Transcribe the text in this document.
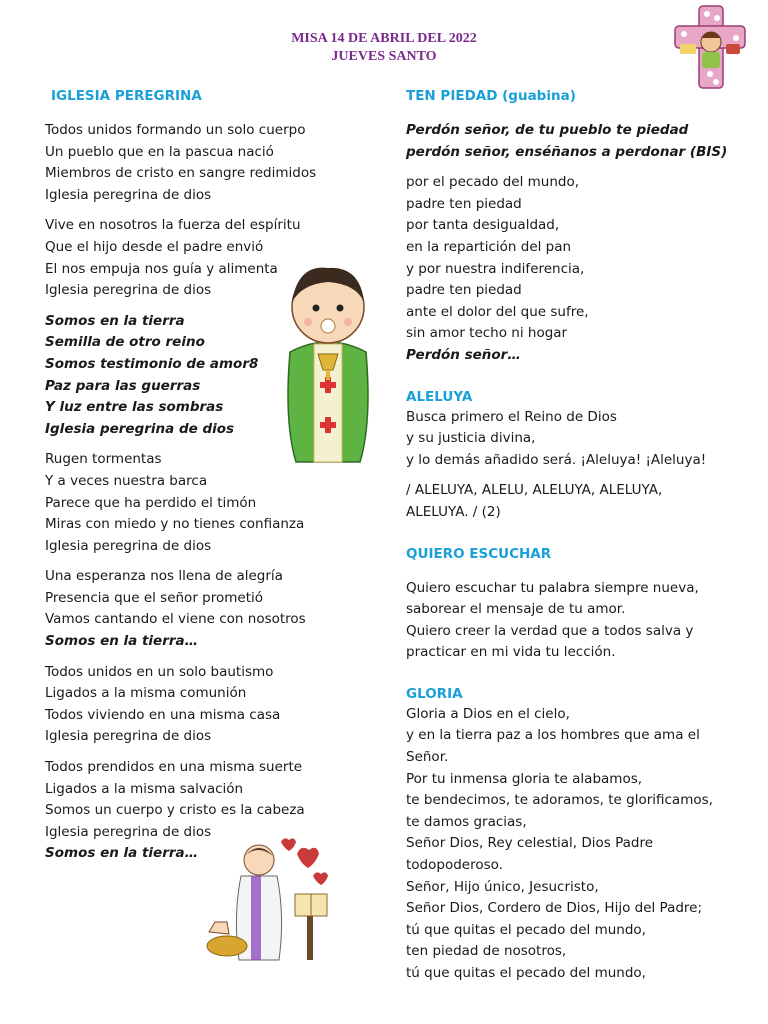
MISA 14 DE ABRIL DEL 2022
JUEVES SANTO
IGLESIA PEREGRINA
Todos unidos formando un solo cuerpo
Un pueblo que en la pascua nació
Miembros de cristo en sangre redimidos
Iglesia peregrina de dios
Vive en nosotros la fuerza del espíritu
Que el hijo desde el padre envió
El nos empuja nos guía y alimenta
Iglesia peregrina de dios
Somos en la tierra
Semilla de otro reino
Somos testimonio de amor8
Paz para las guerras
Y luz entre las sombras
Iglesia peregrina de dios
Rugen tormentas
Y a veces nuestra barca
Parece que ha perdido el timón
Miras con miedo y no tienes confianza
Iglesia peregrina de dios
Una esperanza nos llena de alegría
Presencia que el señor prometió
Vamos cantando el viene con nosotros
Somos en la tierra…
Todos unidos en un solo bautismo
Ligados a la misma comunión
Todos viviendo en una misma casa
Iglesia peregrina de dios
Todos prendidos en una misma suerte
Ligados a la misma salvación
Somos un cuerpo y cristo es la cabeza
Iglesia peregrina de dios
Somos en la tierra…
TEN PIEDAD (guabina)
Perdón señor, de tu pueblo te piedad
perdón señor, enséñanos a perdonar (BIS)
por el pecado del mundo,
padre ten piedad
por tanta desigualdad,
en la repartición del pan
y por nuestra indiferencia,
padre ten piedad
ante el dolor del que sufre,
sin amor techo ni hogar
Perdón señor…
ALELUYA
Busca primero el Reino de Dios
y su justicia divina,
y lo demás añadido será. ¡Aleluya! ¡Aleluya!
/ ALELUYA, ALELU, ALELUYA, ALELUYA,
ALELUYA. / (2)
QUIERO ESCUCHAR
Quiero escuchar tu palabra siempre nueva,
saborear el mensaje de tu amor.
Quiero creer la verdad que a todos salva y
practicar en mi vida tu lección.
GLORIA
Gloria a Dios en el cielo,
y en la tierra paz a los hombres que ama el
Señor.
Por tu inmensa gloria te alabamos,
te bendecimos, te adoramos, te glorificamos,
te damos gracias,
Señor Dios, Rey celestial, Dios Padre
todopoderoso.
Señor, Hijo único, Jesucristo,
Señor Dios, Cordero de Dios, Hijo del Padre;
tú que quitas el pecado del mundo,
ten piedad de nosotros,
tú que quitas el pecado del mundo,
